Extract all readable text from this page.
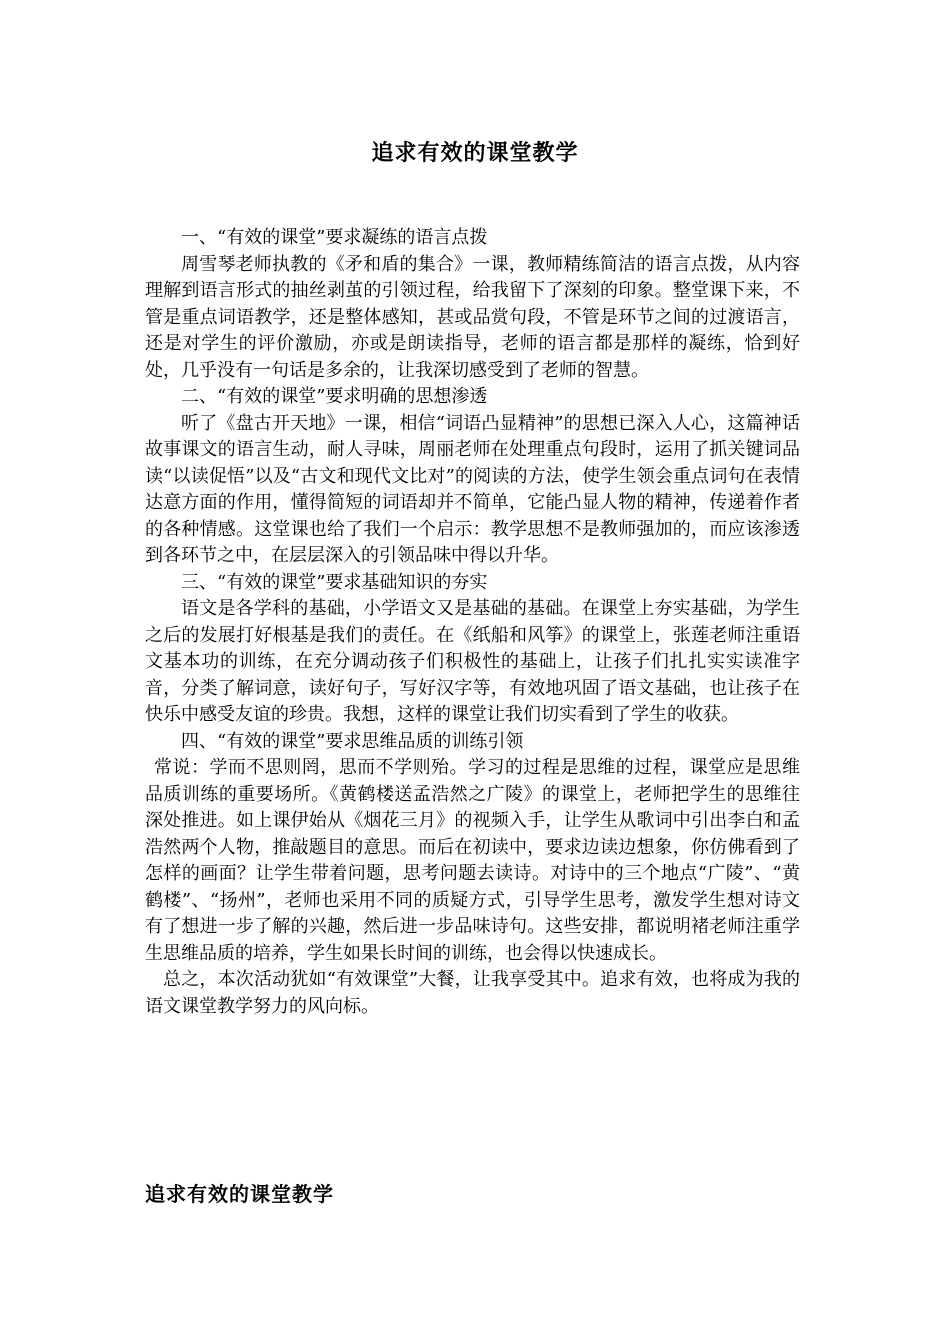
追求有效的课堂教学

一、“有效的课堂”要求凝练的语言点拨

周雪琴老师执教的《矛和盾的集合》一课，教师精练简洁的语言点拨，从内容理解到语言形式的抽丝剥茧的引领过程，给我留下了深刻的印象。整堂课下来，不管是重点词语教学，还是整体感知，甚或品赏句段，不管是环节之间的过渡语言，还是对学生的评价激励，亦或是朗读指导，老师的语言都是那样的凝练，恰到好处，几乎没有一句话是多余的，让我深切感受到了老师的智慧。

二、“有效的课堂”要求明确的思想渗透

听了《盘古开天地》一课，相信“词语凸显精神”的思想已深入人心，这篇神话故事课文的语言生动，耐人寻味，周丽老师在处理重点句段时，运用了抓关键词品读“以读促悟”以及“古文和现代文比对”的阅读的方法，使学生领会重点词句在表情达意方面的作用，懂得简短的词语却并不简单，它能凸显人物的精神，传递着作者的各种情感。这堂课也给了我们一个启示：教学思想不是教师强加的，而应该渗透到各环节之中，在层层深入的引领品味中得以升华。

三、“有效的课堂”要求基础知识的夯实

语文是各学科的基础，小学语文又是基础的基础。在课堂上夯实基础，为学生之后的发展打好根基是我们的责任。在《纸船和风筝》的课堂上，张莲老师注重语文基本功的训练，在充分调动孩子们积极性的基础上，让孩子们扎扎实实读准字音，分类了解词意，读好句子，写好汉字等，有效地巩固了语文基础，也让孩子在快乐中感受友谊的珍贵。我想，这样的课堂让我们切实看到了学生的收获。

四、“有效的课堂”要求思维品质的训练引领

常说：学而不思则罔，思而不学则殆。学习的过程是思维的过程，课堂应是思维品质训练的重要场所。《黄鹤楼送孟浩然之广陵》的课堂上，老师把学生的思维往深处推进。如上课伊始从《烟花三月》的视频入手，让学生从歌词中引出李白和孟浩然两个人物，推敲题目的意思。而后在初读中，要求边读边想象，你仿佛看到了怎样的画面？让学生带着问题，思考问题去读诗。对诗中的三个地点“广陵”、“黄鹤楼”、“扬州”，老师也采用不同的质疑方式，引导学生思考，激发学生想对诗文有了想进一步了解的兴趣，然后进一步品味诗句。这些安排，都说明褚老师注重学生思维品质的培养，学生如果长时间的训练，也会得以快速成长。

总之，本次活动犹如“有效课堂”大餐，让我享受其中。追求有效，也将成为我的语文课堂教学努力的风向标。

追求有效的课堂教学
